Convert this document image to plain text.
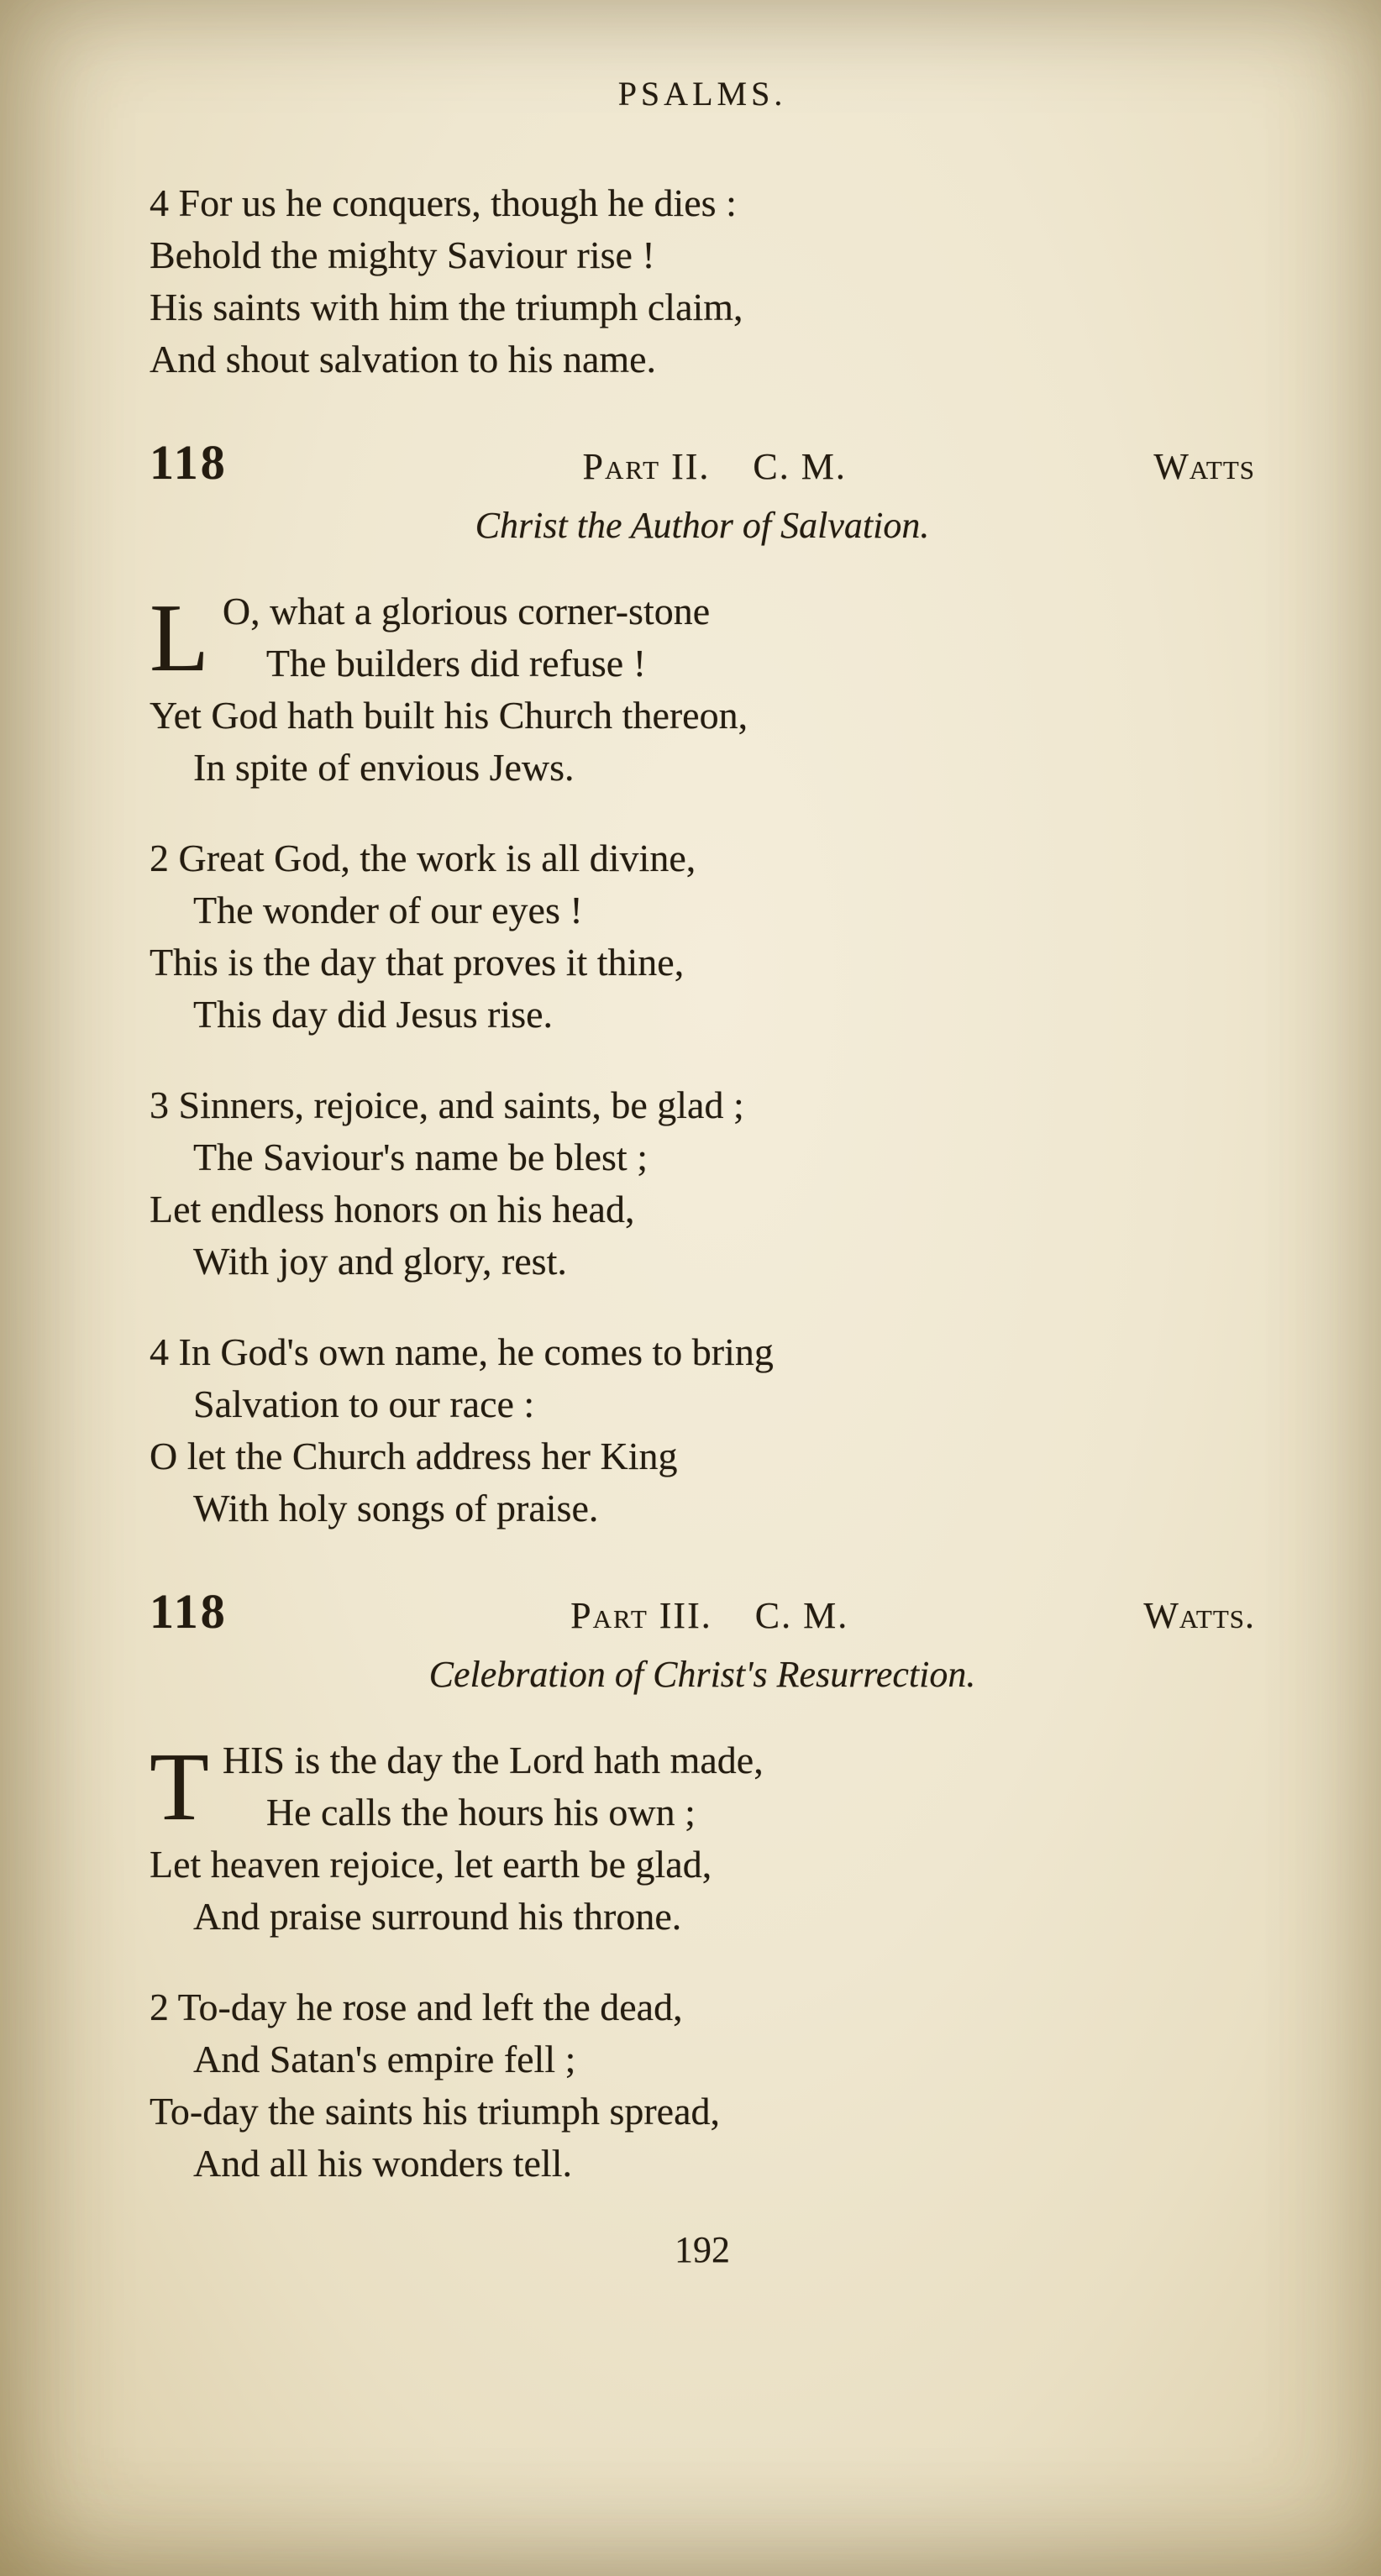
PSALMS.
4 For us he conquers, though he dies :
Behold the mighty Saviour rise !
His saints with him the triumph claim,
And shout salvation to his name.
118	Part II. C. M.	Watts
Christ the Author of Salvation.
L O, what a glorious corner-stone
The builders did refuse !
Yet God hath built his Church thereon,
In spite of envious Jews.
2 Great God, the work is all divine,
The wonder of our eyes !
This is the day that proves it thine,
This day did Jesus rise.
3 Sinners, rejoice, and saints, be glad ;
The Saviour's name be blest ;
Let endless honors on his head,
With joy and glory, rest.
4 In God's own name, he comes to bring
Salvation to our race :
O let the Church address her King
With holy songs of praise.
118	Part III. C. M.	Watts.
Celebration of Christ's Resurrection.
T HIS is the day the Lord hath made,
He calls the hours his own ;
Let heaven rejoice, let earth be glad,
And praise surround his throne.
2 To-day he rose and left the dead,
And Satan's empire fell ;
To-day the saints his triumph spread,
And all his wonders tell.
192
